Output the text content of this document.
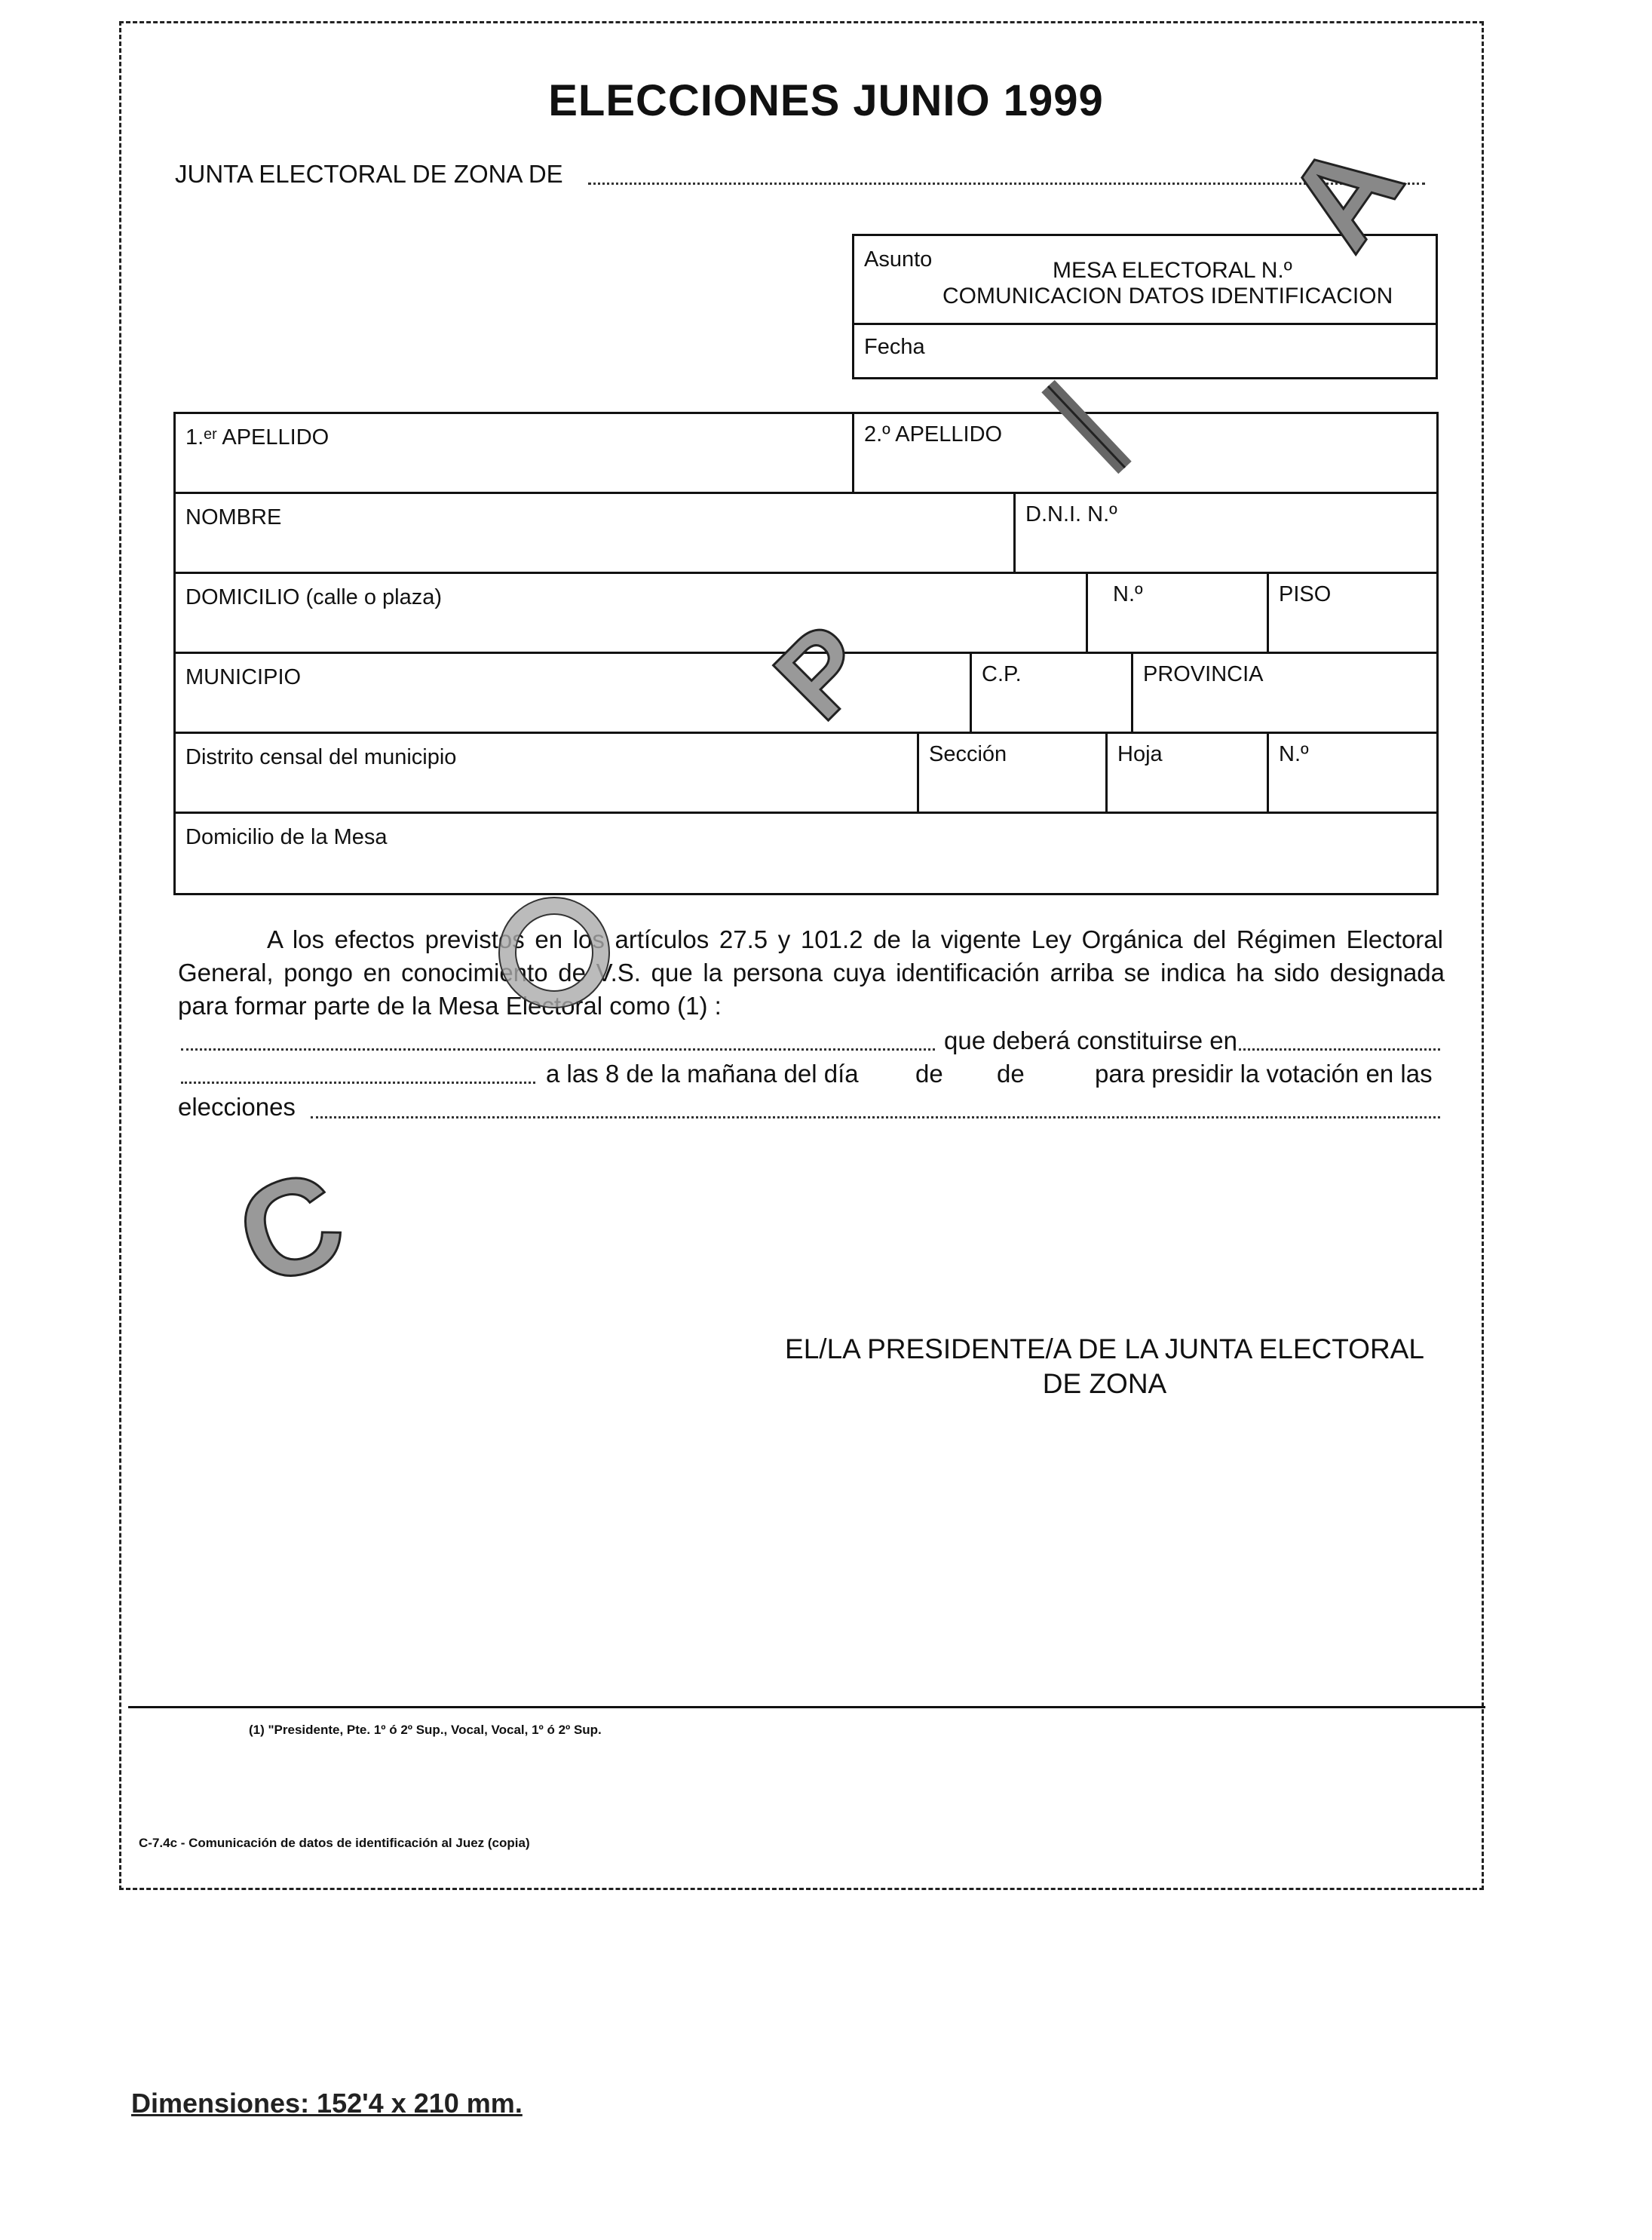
ELECCIONES JUNIO 1999
JUNTA ELECTORAL DE ZONA DE
Asunto	MESA ELECTORAL N.º
COMUNICACION DATOS IDENTIFICACION
Fecha
1.ᵉʳ APELLIDO	2.º APELLIDO
NOMBRE	D.N.I. N.º
DOMICILIO (calle o plaza)	N.º	PISO
MUNICIPIO	C.P.	PROVINCIA
Distrito censal del municipio	Sección	Hoja	N.º
Domicilio de la Mesa
A los efectos previstos en los artículos 27.5 y 101.2 de la vigente Ley Orgánica del Régimen Electoral
General, pongo en conocimiento de V.S. que la persona cuya identificación arriba se indica ha sido designada
para formar parte de la Mesa Electoral como (1) :
que deberá constituirse en
a las 8 de la mañana del día de de	para presidir la votación en las
elecciones
A
P
C
EL/LA PRESIDENTE/A DE LA JUNTA ELECTORAL
DE ZONA
(1) "Presidente, Pte. 1º ó 2º Sup., Vocal, Vocal, 1º ó 2º Sup.
C-7.4c - Comunicación de datos de identificación al Juez (copia)
Dimensiones: 152'4 x 210 mm.
